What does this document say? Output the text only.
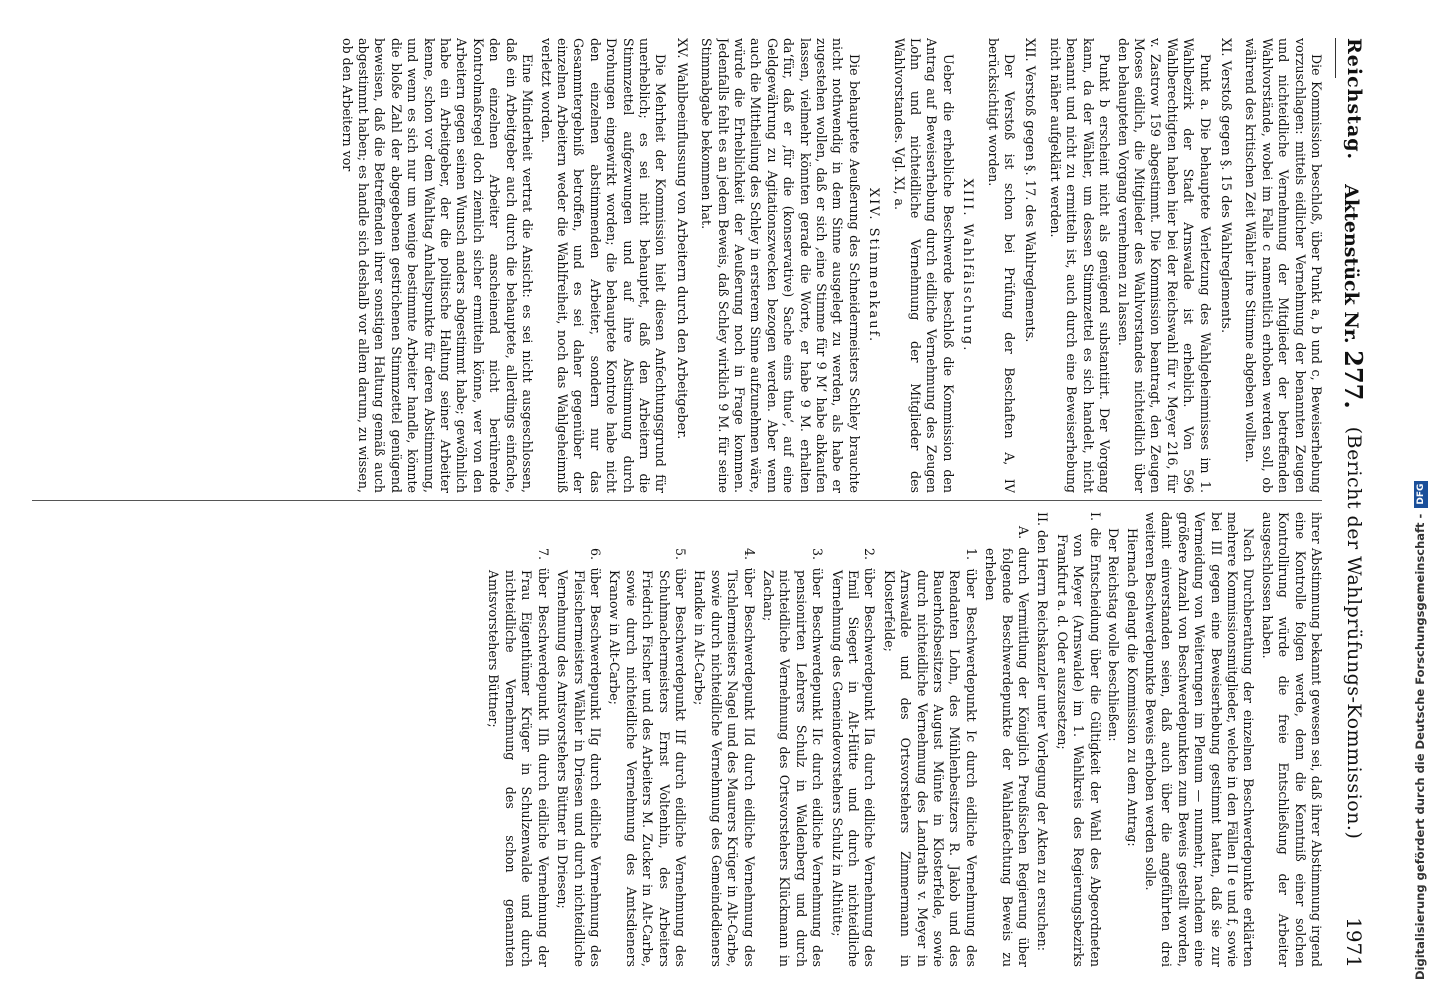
Reichstag.
Aktenstück Nr. 277.
(Bericht der Wahlprüfungs-Kommission.)
1971

Die Kommission beschloß, über Punkt a, b und c, Beweiserhebung vorzuschlagen: mittels eidlicher Vernehmung der benannten Zeugen und nichteidliche Vernehmung der Mitglieder der betreffenden Wahlvorstände, wobei im Falle c namentlich erhoben werden soll, ob während des kritischen Zeit Wähler ihre Stimme abgeben wollten.

XI. Verstoß gegen §. 15 des Wahlreglements.

Punkt a. Die behauptete Verletzung des Wahlgeheimnisses im 1. Wahlbezirk der Stadt Arnswalde ist erheblich. Von 596 Wahlberechtigten haben hier bei der Reichswahl für v. Meyer 216, für v. Zastrow 159 abgestimmt. Die Kommission beantragt, den Zeugen Moses eidlich, die Mitglieder des Wahlvorstandes nichteidlich über den behaupteten Vorgang vernehmen zu lassen.

Punkt b erscheint nicht als genügend substantiirt. Der Vorgang kann, da der Wähler, um dessen Stimmzettel es sich handelt, nicht benannt und nicht zu ermitteln ist, auch durch eine Beweiserhebung nicht näher aufgeklärt werden.

XII. Verstoß gegen §. 17. des Wahlreglements.

Der Verstoß ist schon bei Prüfung der Beschaften A, IV berücksichtigt worden.

XIII. Wahlfälschung.

Ueber die erhebliche Beschwerde beschloß die Kommission den Antrag auf Beweiserhebung durch eidliche Vernehmung des Zeugen Lohn und nichteidliche Vernehmung der Mitglieder des Wahlvorstandes. Vgl. XI, a.

XIV. Stimmenkauf.

Die behauptete Aeußerung des Schneidermeisters Schley brauchte nicht nothwendig in dem Sinne ausgelegt zu werden, als habe er zugestehen wollen, daß er sich ‚eine Stimme für 9 M‘ habe abkaufen lassen, vielmehr könnten gerade die Worte, er habe 9 M. erhalten da‘für, daß er ‚für die (konservative) Sache eins thue‘, auf eine Geldgewährung zu Agitationszwecken bezogen werden. Aber wenn auch die Mittheilung des Schley in ersterem Sinne aufzunehmen wäre, würde die Erheblichkeit der Aeußerung noch in Frage kommen. Jedenfalls fehlt es an jedem Beweis, daß Schley wirklich 9 M. für seine Stimmabgabe bekommen hat.

XV. Wahlbeeinflussung von Arbeitern durch den Arbeitgeber.

Die Mehrheit der Kommission hielt diesen Anfechtungsgrund für unerheblich; es sei nicht behauptet, daß den Arbeitern die Stimmzettel aufgezwungen und auf ihre Abstimmung durch Drohungen eingewirkt worden; die behauptete Kontrole habe nicht den einzelnen abstimmenden Arbeiter, sondern nur das Gesammtergebniß betroffen, und es sei daher gegenüber der einzelnen Arbeitern weder die Wahlfreiheit, noch das Wahlgeheimniß verletzt worden.

Eine Minderheit vertrat die Ansicht: es sei nicht ausgeschlossen, daß ein Arbeitgeber auch durch die behauptete, allerdings einfache, den einzelnen Arbeiter anscheinend nicht berührende Kontrolmaßregel doch ziemlich sicher ermitteln könne, wer von den Arbeitern gegen seinen Wunsch anders abgestimmt habe; gewöhnlich habe ein Arbeitgeber, der die politische Haltung seiner Arbeiter kenne, schon vor dem Wahltag Anhaltspunkte für deren Abstimmung, und wenn es sich nur um wenige bestimmte Arbeiter handle, könnte die bloße Zahl der abgegebenen gestrichenen Stimmzettel genügend beweisen, daß die Betreffenden ihrer sonstigen Haltung gemäß auch abgestimmt haben; es handle sich deshalb vor allem darum, zu wissen, ob den Arbeitern vor

ihrer Abstimmung bekannt gewesen sei, daß ihrer Abstimmung irgend eine Kontrolle folgen werde, denn die Kenntniß einer solchen Kontrollirung würde die freie Entschließung der Arbeiter ausgeschlossen haben.

Nach Durchberathung der einzelnen Beschwerdepunkte erklärten mehrere Kommissionsmitglieder, welche in den Fällen II e und f, sowie bei III gegen eine Beweiserhebung gestimmt hatten, daß sie zur Vermeidung von Weiterungen im Plenum — nunmehr, nachdem eine größere Anzahl von Beschwerdepunkten zum Beweis gestellt worden, damit einverstanden seien, daß auch über die angeführten drei weiteren Beschwerdepunkte Beweis erhoben werden solle.

Hiernach gelangt die Kommission zu dem Antrag:

Der Reichstag wolle beschließen:

I. die Entscheidung über die Gültigkeit der Wahl des Abgeordneten von Meyer (Arnswalde) im 1. Wahlkreis des Regierungsbezirks Frankfurt a. d. Oder auszusetzen;

II. den Herrn Reichskanzler unter Vorlegung der Akten zu ersuchen:

A. durch Vermittlung der Königlich Preußischen Regierung über folgende Beschwerdepunkte der Wahlanfechtung Beweis zu erheben

1. über Beschwerdepunkt Ic durch eidliche Vernehmung des Rendanten Lohn, des Mühlenbesitzers R. Jakob und des Bauerhofsbesitzers August Münte in Klosterfelde, sowie durch nichteidliche Vernehmung des Landraths v. Meyer in Arnswalde und des Ortsvorstehers Zimmermann in Klosterfelde;

2. über Beschwerdepunkt IIa durch eidliche Vernehmung des Emil Siegert in Alt-Hütte und durch nichteidliche Vernehmung des Gemeindevorstehers Schulz in Althütte;

3. über Beschwerdepunkt IIc durch eidliche Vernehmung des pensionirten Lehrers Schulz in Waldenberg und durch nichteidliche Vernehmung des Ortsvorstehers Klückmann in Zachan;

4. über Beschwerdepunkt IId durch eidliche Vernehmung des Tischlermeisters Nagel und des Maurers Krüger in Alt-Carbe, sowie durch nichteidliche Vernehmung des Gemeindedieners Handke in Alt-Carbe;

5. über Beschwerdepunkt IIf durch eidliche Vernehmung des Schuhmachermeisters Ernst Voltenhin, des Arbeiters Friedrich Fischer und des Arbeiters M. Zucker in Alt-Carbe, sowie durch nichteidliche Vernehmung des Amtsdieners Kranow in Alt-Carbe;

6. über Beschwerdepunkt IIg durch eidliche Vernehmung des Fleischermeisters Wähler in Driesen und durch nichteidliche Vernehmung des Amtsvorstehers Büttner in Driesen;

7. über Beschwerdepunkt IIh durch eidliche Vernehmung der Frau Eigenthümer Krüger in Schulzenwalde und durch nichteidliche Vernehmung des schon genannten Amtsvorstehers Büttner;	Digitalisierung gefördert durch die Deutsche Forschungsgemeinschaft -DFG
